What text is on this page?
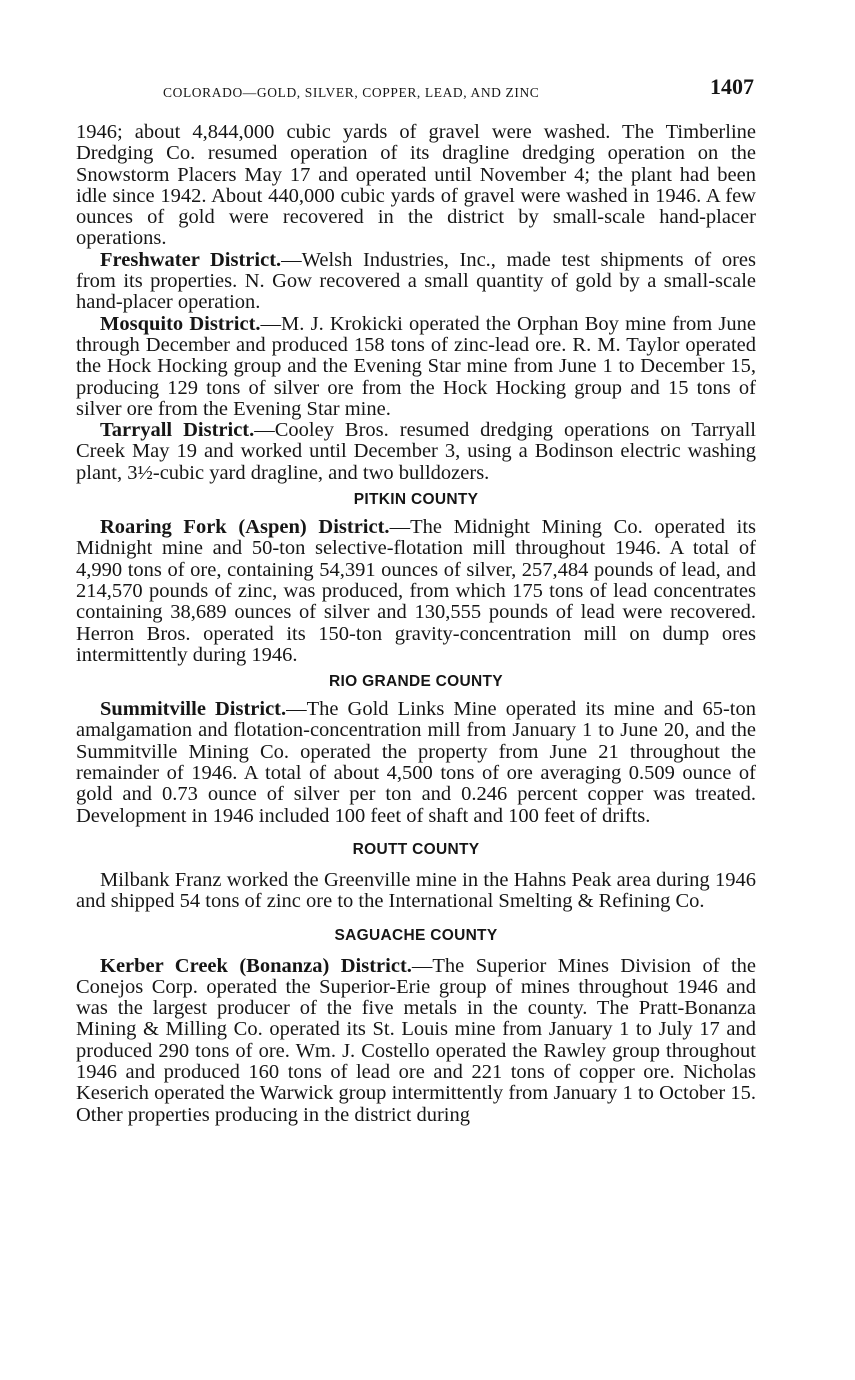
COLORADO—GOLD, SILVER, COPPER, LEAD, AND ZINC	1407

1946; about 4,844,000 cubic yards of gravel were washed. The Timberline Dredging Co. resumed operation of its dragline dredging operation on the Snowstorm Placers May 17 and operated until November 4; the plant had been idle since 1942. About 440,000 cubic yards of gravel were washed in 1946. A few ounces of gold were recovered in the district by small-scale hand-placer operations.

Freshwater District.—Welsh Industries, Inc., made test shipments of ores from its properties. N. Gow recovered a small quantity of gold by a small-scale hand-placer operation.

Mosquito District.—M. J. Krokicki operated the Orphan Boy mine from June through December and produced 158 tons of zinc-lead ore. R. M. Taylor operated the Hock Hocking group and the Evening Star mine from June 1 to December 15, producing 129 tons of silver ore from the Hock Hocking group and 15 tons of silver ore from the Evening Star mine.

Tarryall District.—Cooley Bros. resumed dredging operations on Tarryall Creek May 19 and worked until December 3, using a Bodinson electric washing plant, 3½-cubic yard dragline, and two bulldozers.

PITKIN COUNTY

Roaring Fork (Aspen) District.—The Midnight Mining Co. operated its Midnight mine and 50-ton selective-flotation mill throughout 1946. A total of 4,990 tons of ore, containing 54,391 ounces of silver, 257,484 pounds of lead, and 214,570 pounds of zinc, was produced, from which 175 tons of lead concentrates containing 38,689 ounces of silver and 130,555 pounds of lead were recovered. Herron Bros. operated its 150-ton gravity-concentration mill on dump ores intermittently during 1946.

RIO GRANDE COUNTY

Summitville District.—The Gold Links Mine operated its mine and 65-ton amalgamation and flotation-concentration mill from January 1 to June 20, and the Summitville Mining Co. operated the property from June 21 throughout the remainder of 1946. A total of about 4,500 tons of ore averaging 0.509 ounce of gold and 0.73 ounce of silver per ton and 0.246 percent copper was treated. Development in 1946 included 100 feet of shaft and 100 feet of drifts.

ROUTT COUNTY

Milbank Franz worked the Greenville mine in the Hahns Peak area during 1946 and shipped 54 tons of zinc ore to the International Smelting & Refining Co.

SAGUACHE COUNTY

Kerber Creek (Bonanza) District.—The Superior Mines Division of the Conejos Corp. operated the Superior-Erie group of mines throughout 1946 and was the largest producer of the five metals in the county. The Pratt-Bonanza Mining & Milling Co. operated its St. Louis mine from January 1 to July 17 and produced 290 tons of ore. Wm. J. Costello operated the Rawley group throughout 1946 and produced 160 tons of lead ore and 221 tons of copper ore. Nicholas Keserich operated the Warwick group intermittently from January 1 to October 15. Other properties producing in the district during
